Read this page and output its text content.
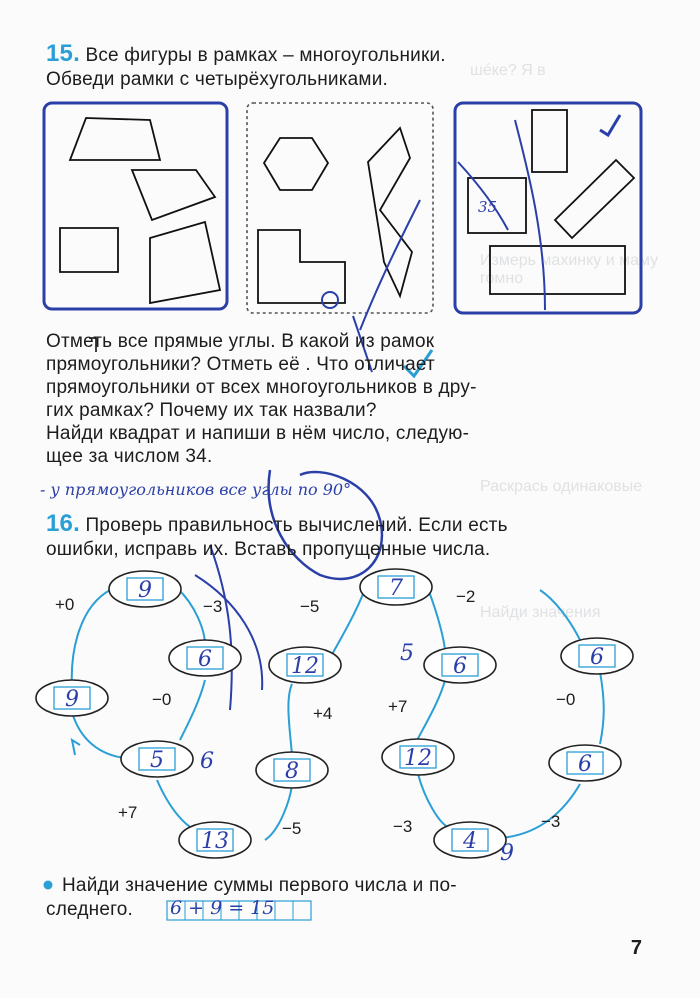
ше́ке? Я в
Измерь махинку и маму гомно
Раскрась одинаковые
Найди значения
15. Все фигуры в рамках – многоугольники.
Обведи рамки с четырёхугольниками.
35
Отметь все прямые углы. В какой из рамок
прямоугольники? Отметь её . Что отличает
прямоугольники от всех многоугольников в дру-
гих рамках? Почему их так назвали?
Найди квадрат и напиши в нём число, следую-
щее за числом 34.
- у прямоугольников все углы по 90°
16. Проверь правильность вычислений. Если есть
ошибки, исправь их. Вставь пропущенные числа.
9
6
9
5
13
12
8
7
6
12
4
6
6
+0	−3
−0
+7
−5
+4
−5
−2
+7
−3
−0
−3
6
5
9
Найди значение суммы первого числа и по-
следнего. 6 + 9 = 15
7
